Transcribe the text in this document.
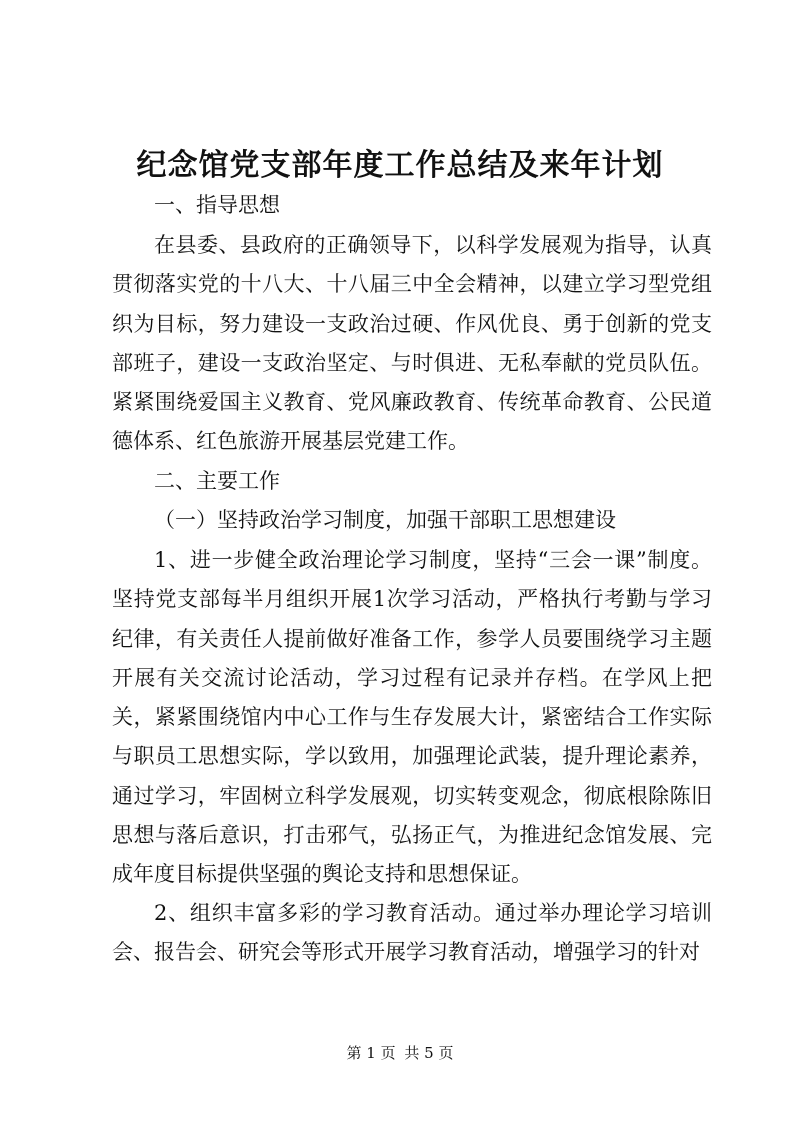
纪念馆党支部年度工作总结及来年计划

一、指导思想

在县委、县政府的正确领导下，以科学发展观为指导，认真贯彻落实党的十八大、十八届三中全会精神，以建立学习型党组织为目标，努力建设一支政治过硬、作风优良、勇于创新的党支部班子，建设一支政治坚定、与时俱进、无私奉献的党员队伍。紧紧围绕爱国主义教育、党风廉政教育、传统革命教育、公民道德体系、红色旅游开展基层党建工作。

二、主要工作

（一）坚持政治学习制度，加强干部职工思想建设

1、进一步健全政治理论学习制度，坚持“三会一课”制度。坚持党支部每半月组织开展1次学习活动，严格执行考勤与学习纪律，有关责任人提前做好准备工作，参学人员要围绕学习主题开展有关交流讨论活动，学习过程有记录并存档。在学风上把关，紧紧围绕馆内中心工作与生存发展大计，紧密结合工作实际与职员工思想实际，学以致用，加强理论武装，提升理论素养，通过学习，牢固树立科学发展观，切实转变观念，彻底根除陈旧思想与落后意识，打击邪气，弘扬正气，为推进纪念馆发展、完成年度目标提供坚强的舆论支持和思想保证。

2、组织丰富多彩的学习教育活动。通过举办理论学习培训会、报告会、研究会等形式开展学习教育活动，增强学习的针对

第 1 页 共 5 页
